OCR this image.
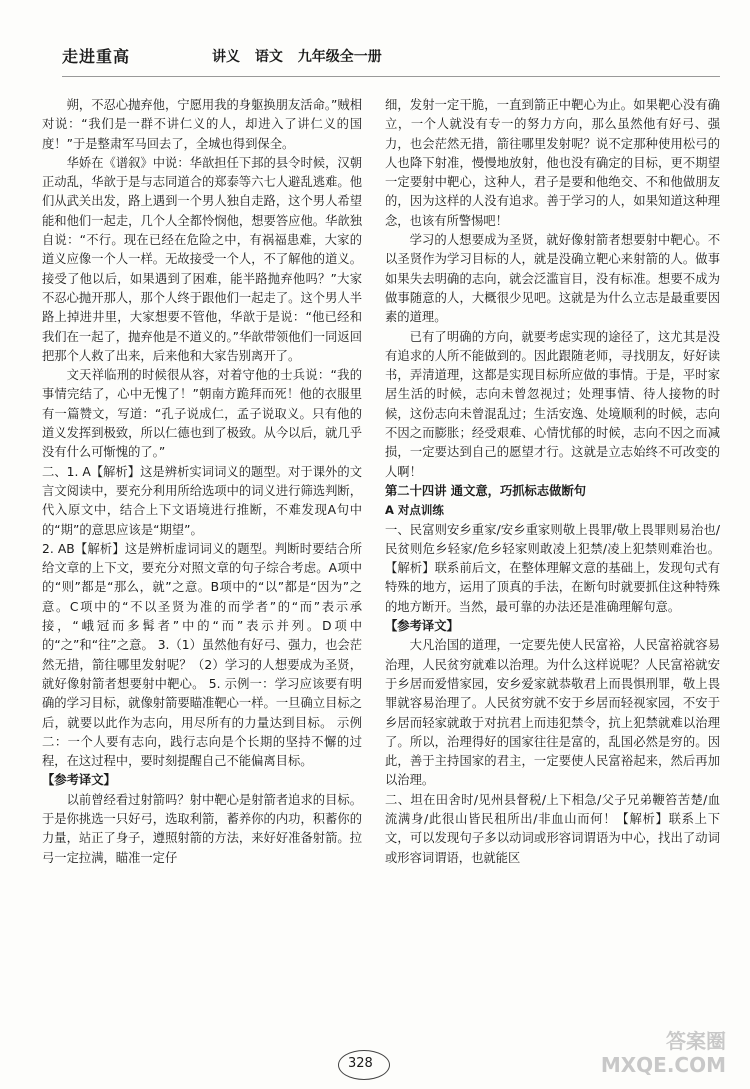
走进重高	讲义 语文 九年级全一册

朔，不忍心抛弃他，宁愿用我的身躯换朋友活命。”贼相对说：“我们是一群不讲仁义的人，却进入了讲仁义的国度！”于是整肃军马回去了，全城也得到保全。

华娇在《谱叙》中说：华歆担任下邽的县令时候，汉朝正动乱，华歆于是与志同道合的郑泰等六七人避乱逃难。他们从武关出发，路上遇到一个男人独自走路，这个男人希望能和他们一起走，几个人全都怜悯他，想要答应他。华歆独自说：“不行。现在已经在危险之中，有祸福患难，大家的道义应像一个人一样。无故接受一个人，不了解他的道义。接受了他以后，如果遇到了困难，能半路抛弃他吗？”大家不忍心抛开那人，那个人终于跟他们一起走了。这个男人半路上掉进井里，大家想要不管他，华歆于是说：“他已经和我们在一起了，抛弃他是不道义的。”华歆带领他们一同返回把那个人救了出来，后来他和大家告别离开了。

文天祥临刑的时候很从容，对着守他的士兵说：“我的事情完结了，心中无愧了！”朝南方跪拜而死！他的衣服里有一篇赞文，写道：“孔子说成仁，孟子说取义。只有他的道义发挥到极致，所以仁德也到了极致。从今以后，就几乎没有什么可惭愧的了。”

二、1. A【解析】这是辨析实词词义的题型。对于课外的文言文阅读中，要充分利用所给选项中的词义进行筛选判断，代入原文中，结合上下文语境进行推断，不难发现A句中的“期”的意思应该是“期望”。

2. AB【解析】这是辨析虚词词义的题型。判断时要结合所给文章的上下文，要充分对照文章的句子综合考虑。A项中的“则”都是“那么，就”之意。B项中的“以”都是“因为”之意。C项中的“不以圣贤为准的而学者”的“而”表示承接，“峨冠而多髯者”中的“而”表示并列。D项中的“之”和“往”之意。 3.（1）虽然他有好弓、强力，也会茫然无措，箭往哪里发射呢？（2）学习的人想要成为圣贤，就好像射箭者想要射中靶心。 5. 示例一：学习应该要有明确的学习目标，就像射箭要瞄准靶心一样。一旦确立目标之后，就要以此作为志向，用尽所有的力量达到目标。 示例二：一个人要有志向，践行志向是个长期的坚持不懈的过程，在这过程中，要时刻提醒自己不能偏离目标。

【参考译文】

以前曾经看过射箭吗？射中靶心是射箭者追求的目标。于是你挑选一只好弓，选取利箭，蓄养你的内功，积蓄你的力量，站正了身子，遵照射箭的方法，来好好准备射箭。拉弓一定拉满，瞄准一定仔

细，发射一定干脆，一直到箭正中靶心为止。如果靶心没有确立，一个人就没有专一的努力方向，那么虽然他有好弓、强力，也会茫然无措，箭往哪里发射呢？说不定那种使用松弓的人也降下射准，慢慢地放射，他也没有确定的目标，更不期望一定要射中靶心，这种人，君子是要和他绝交、不和他做朋友的，因为这样的人没有追求。善于学习的人，如果知道这种理念，也该有所警惕吧！

学习的人想要成为圣贤，就好像射箭者想要射中靶心。不以圣贤作为学习目标的人，就是没确立靶心来射箭的人。做事如果失去明确的志向，就会泛滥盲目，没有标准。想要不成为做事随意的人，大概很少见吧。这就是为什么立志是最重要因素的道理。

已有了明确的方向，就要考虑实现的途径了，这尤其是没有追求的人所不能做到的。因此跟随老师，寻找朋友，好好读书，弄清道理，这都是实现目标所应做的事情。于是，平时家居生活的时候，志向未曾忽视过；处理事情、待人接物的时候，这份志向未曾混乱过；生活安逸、处境顺利的时候，志向不因之而膨胀；经受艰难、心情忧郁的时候，志向不因之而减损，一定要达到自己的愿望才行。这就是立志始终不可改变的人啊！

第二十四讲 通文意，巧抓标志做断句

A 对点训练

一、民富则安乡重家/安乡重家则敬上畏罪/敬上畏罪则易治也/民贫则危乡轻家/危乡轻家则敢凌上犯禁/凌上犯禁则难治也。【解析】联系前后文，在整体理解文意的基础上，发现句式有特殊的地方，运用了顶真的手法，在断句时就要抓住这种特殊的地方断开。当然，最可靠的办法还是准确理解句意。

【参考译文】

大凡治国的道理，一定要先使人民富裕，人民富裕就容易治理，人民贫穷就难以治理。为什么这样说呢？人民富裕就安于乡居而爱惜家园，安乡爱家就恭敬君上而畏惧刑罪，敬上畏罪就容易治理了。人民贫穷就不安于乡居而轻视家园，不安于乡居而轻家就敢于对抗君上而违犯禁令，抗上犯禁就难以治理了。所以，治理得好的国家往往是富的，乱国必然是穷的。因此，善于主持国家的君主，一定要使人民富裕起来，然后再加以治理。

二、坦在田舍时/见州县督税/上下相急/父子兄弟鞭笞苦楚/血流满身/此很山皆民租所出/非血山而何！【解析】联系上下文，可以发现句子多以动词或形容词谓语为中心，找出了动词或形容词谓语，也就能区

328
答案圈 MXQE.COM
